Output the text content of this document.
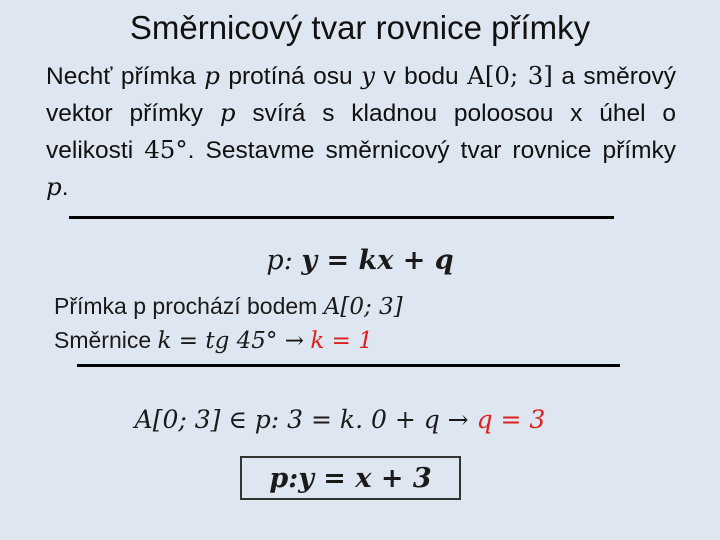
Směrnicový tvar rovnice přímky
Nechť přímka p protíná osu y v bodu A[0; 3] a směrový vektor přímky p svírá s kladnou poloosou x úhel o velikosti 45°. Sestavme směrnicový tvar rovnice přímky p.
p: y = kx + q
Přímka p prochází bodem A[0; 3]
Směrnice k = tg 45° → k = 1
A[0; 3] ∈ p: 3 = k. 0 + q → q = 3
p: y = x + 3
